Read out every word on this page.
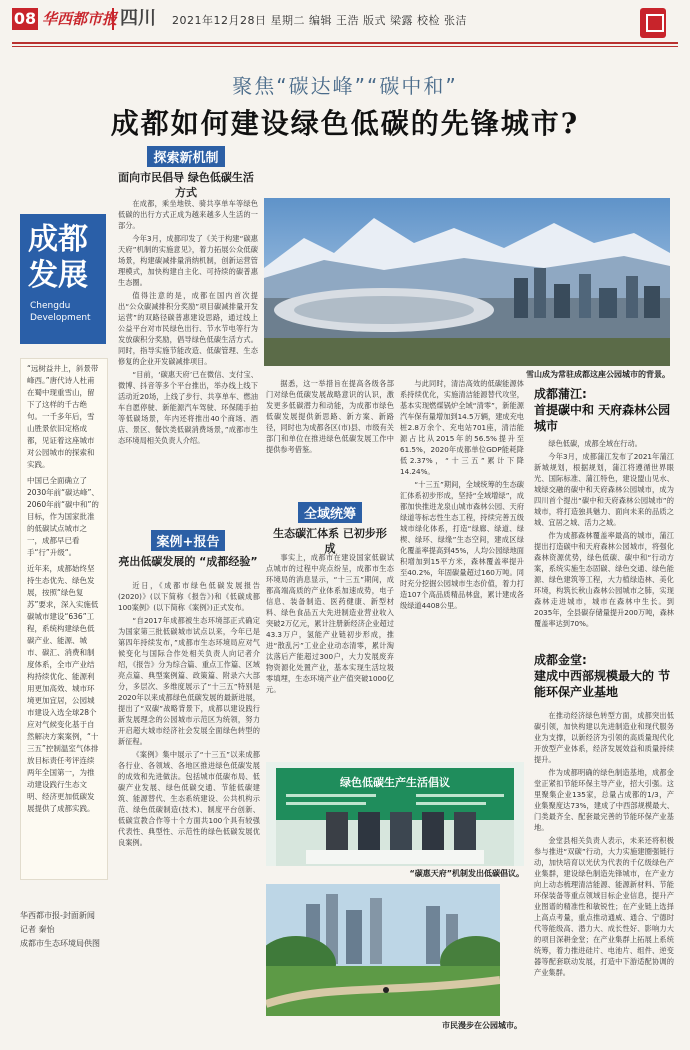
08 华西都市报 四川 2021年12月28日 星期二 编辑 王浩 版式 梁露 校检 张洁
聚焦“碳达峰”“碳中和”
成都如何建设绿色低碳的先锋城市?
成都发展
Chengdu Development

“远树益井上，斜景带峰西。”唐代诗人杜甫在蜀中现重雪山，留下了这样的千古绝句。一千多年后，雪山胜景依旧定格成都，见证着这座城市对公园城市的探索和实践。

中国已全面确立了2030年前“碳达峰”、2060年前“碳中和”的目标，作为国家批准的低碳试点城市之一，成都早已看手“行”升级“。

近年来，成都始终坚持生态优先、绿色发展，按照“绿色复苏”要求，深入实施低碳城市建设“636”工程，系统构建绿色低碳产业、能源、城市、碳汇、消费和制度体系，全市产业结构持续优化、能源利用更加高效、城市环境更加宜居，公园城市建设入选全球28个应对气候变化基于自然解决方案案例，“十三五”控制温室气体排放目标责任考评连续两年全国第一，为推动建设践行生态文明、经济更加低碳发展提供了成都实践。

华西都市报-封面新闻
记者 秦怡
成都市生态环境局供图
探索新机制
面向市民倡导 绿色低碳生活方式

在成都，乘坐地铁、骑共享单车等绿色低碳的出行方式正成为越来越多人生活的一部分。

今年3月，成都印发了《关于构建“碳惠天府”机制的实施意见》，着力拓展公众低碳场景，构建碳减排量消纳机制，创新运营管理模式，加快构建自主化、可持续的碳普惠生态圈。

值得注意的是，成都在国内首次提出“公众碳减排积分奖励”项目碳减排量开发运营”的双路径碳普惠建设思路，通过线上公益平台对市民绿色出行、节水节电等行为发放碳积分奖励，倡导绿色低碳生活方式。同时，指导实施节能改造、低碳管理、生态修复的企业开发碳减排项目。

“目前，‘碳惠天府’已在微信、支付宝、微博、抖音等多个平台推出，举办线上线下活动近20场，上线了步行、共享单车、燃油车自愿停驶、新能源汽车驾驶、环保随手拍等低碳场景，年内还将推出40个商场、酒店、景区、餐饮类低碳消费场景，”成都市生态环境局相关负责人介绍。

雪山成为常驻成都这座公园城市的背景。
案例+报告
亮出低碳发展的 “成都经验”

近日，《成都市绿色低碳发展报告(2020)》(以下简称《报告》)和《低碳成都100案例》(以下简称《案例》)正式发布。

“自2017年成都被生态环境部正式确定为国家第三批低碳城市试点以来，今年已是第四年持续发布，”成都市生态环境局应对气候变化与国际合作处相关负责人向记者介绍，《报告》分为综合篇、重点工作篇、区域亮点篇、典型案例篇、政策篇、附录六大部分，多层次、多维度展示了“十三五”特别是2020年以来成都绿色低碳发展的最新进展，提出了“双碳”战略背景下，成都以建设践行新发展理念的公园城市示范区为统领，努力开启超大城市经济社会发展全面绿色转型的新征程。

《案例》集中展示了“十三五”以来成都各行业、各领域、各地区推进绿色低碳发展的成效和先进做法。包括城市低碳布局、低碳产业发展、绿色低碳交通、节能低碳建筑、能源替代、生态系统建设、公共机构示范、绿色低碳制造(技术)、制度平台创新、低碳宣教合作等十个方面共100个具有较强代表性、典型性、示范性的绿色低碳发展优良案例。

据悉，这一举措旨在提高各级各部门对绿色低碳发展战略意识的认识，激发更多低碳潜力和动能，为成都市绿色低碳发展提供新思路、新方案、新路径，同时也为成都各区(市)县、市级有关部门和单位在推进绿色低碳发展工作中提供参考借鉴。

全域统筹
生态碳汇体系 已初步形成

事实上，成都市在建设国家低碳试点城市的过程中亮点纷呈，成都市生态环境局的消息显示，“十三五”期间，成都高端高质的产业体系加速成势，电子信息、装备制造、医药健康、新型材料、绿色食品五大先进制造业营业收入突破2万亿元，累计注册新经济企业超过43.3万户，氢能产业链初步形成，推进“散乱污”工业企业动态清零，累计淘汰落后产能超过300户，大力发展废弃物资源化处置产业，基本实现生活垃圾零填埋，生态环境产业产值突破1000亿元。

与此同时，清洁高效的低碳能源体系持续优化，实施清洁能源替代攻坚，基本实现燃煤锅炉全域“清零”，新能源汽车保有量增加到14.5万辆，建成充电桩2.8万余个、充电站701座，清洁能源占比从2015年的56.5%提升至61.5%，2020年成都单位GDP能耗降低2.37%，“十三五”累计下降14.24%。

“十三五”期间，全域统筹的生态碳汇体系初步形成，坚持“全域增绿”，成都加快推进龙泉山城市森林公园、天府绿道等标志性生态工程，持续完善五级城市绿化体系，打造“绿廊、绿道、绿楔、绿环、绿缘”生态空间，建成区绿化覆盖率提高到45%，人均公园绿地面积增加到15平方米，森林覆盖率提升至40.2%，年固碳量超过160万吨。同时充分挖掘公园城市生态价值，着力打造107个高品质精品林盘，累计建成各级绿道4408公里。

绿色低碳生产生活倡议
“碳惠天府”机制发出低碳倡议。
市民漫步在公园城市。
成都蒲江:
首提碳中和 天府森林公园城市

绿色低碳，成都全域在行动。

今年3月，成都蒲江发布了2021年蒲江新城规划，根据规划，蒲江将遵循世界眼光、国际标准、蒲江特色，建设盟山见水、城绿交融的碳中和天府森林公园城市，成为四川首个提出“碳中和天府森林公园城市”的城市，将打造独具魅力、面向未来的品质之城、宜居之城、活力之城。

作为成都森林覆盖率最高的城市，蒲江提出打造碳中和天府森林公园城市，将强化森林资源优势，绿色低碳、碳中和“行动方案，系统实施生态固碳、绿色交通、绿色能源、绿色建筑等工程，大力植绿造林、美化环境，构筑长秋山森林公园城市之肺，实现森林走进城市，城市在森林中生长。到2035年，全县碳存储量提升200万吨，森林覆盖率达到70%。

成都金堂:
建成中西部规模最大的 节能环保产业基地

在推动经济绿色转型方面，成都突出低碳引领，加快构建以先进制造业和现代服务业为支撑，以新经济为引领的高质量现代化开放型产业体系，经济发展效益和质量持续提升。

作为成都明确的绿色制造基地，成都金堂正紧扣节能环保主导产业，招大引强。这里聚集企业135家，总量占成都的1/3，产业集聚度达73%，建成了中西部规模最大、门类最齐全、配套最完善的节能环保产业基地。

金堂县相关负责人表示，未来还将积极参与推进“双碳”行动，大力实施建圈强链行动，加快培育以光伏为代表的千亿级绿色产业集群，建设绿色制造先锋城市，在产业方向上动态梳理清洁能源、能源新材料、节能环保装备等重点领域目标企业信息，提升产业图谱的精准性和敏锐性；在产业链上选择上高点考量，重点推动通威、通合、宁德时代等能级高、潜力大、成长性好、影响力大的项目深耕金堂；在产业集群上拓展上系统统筹，着力推进硅片、电池片、组件、逆变器等配套联动发展，打造中下游适配协调的产业集群。
